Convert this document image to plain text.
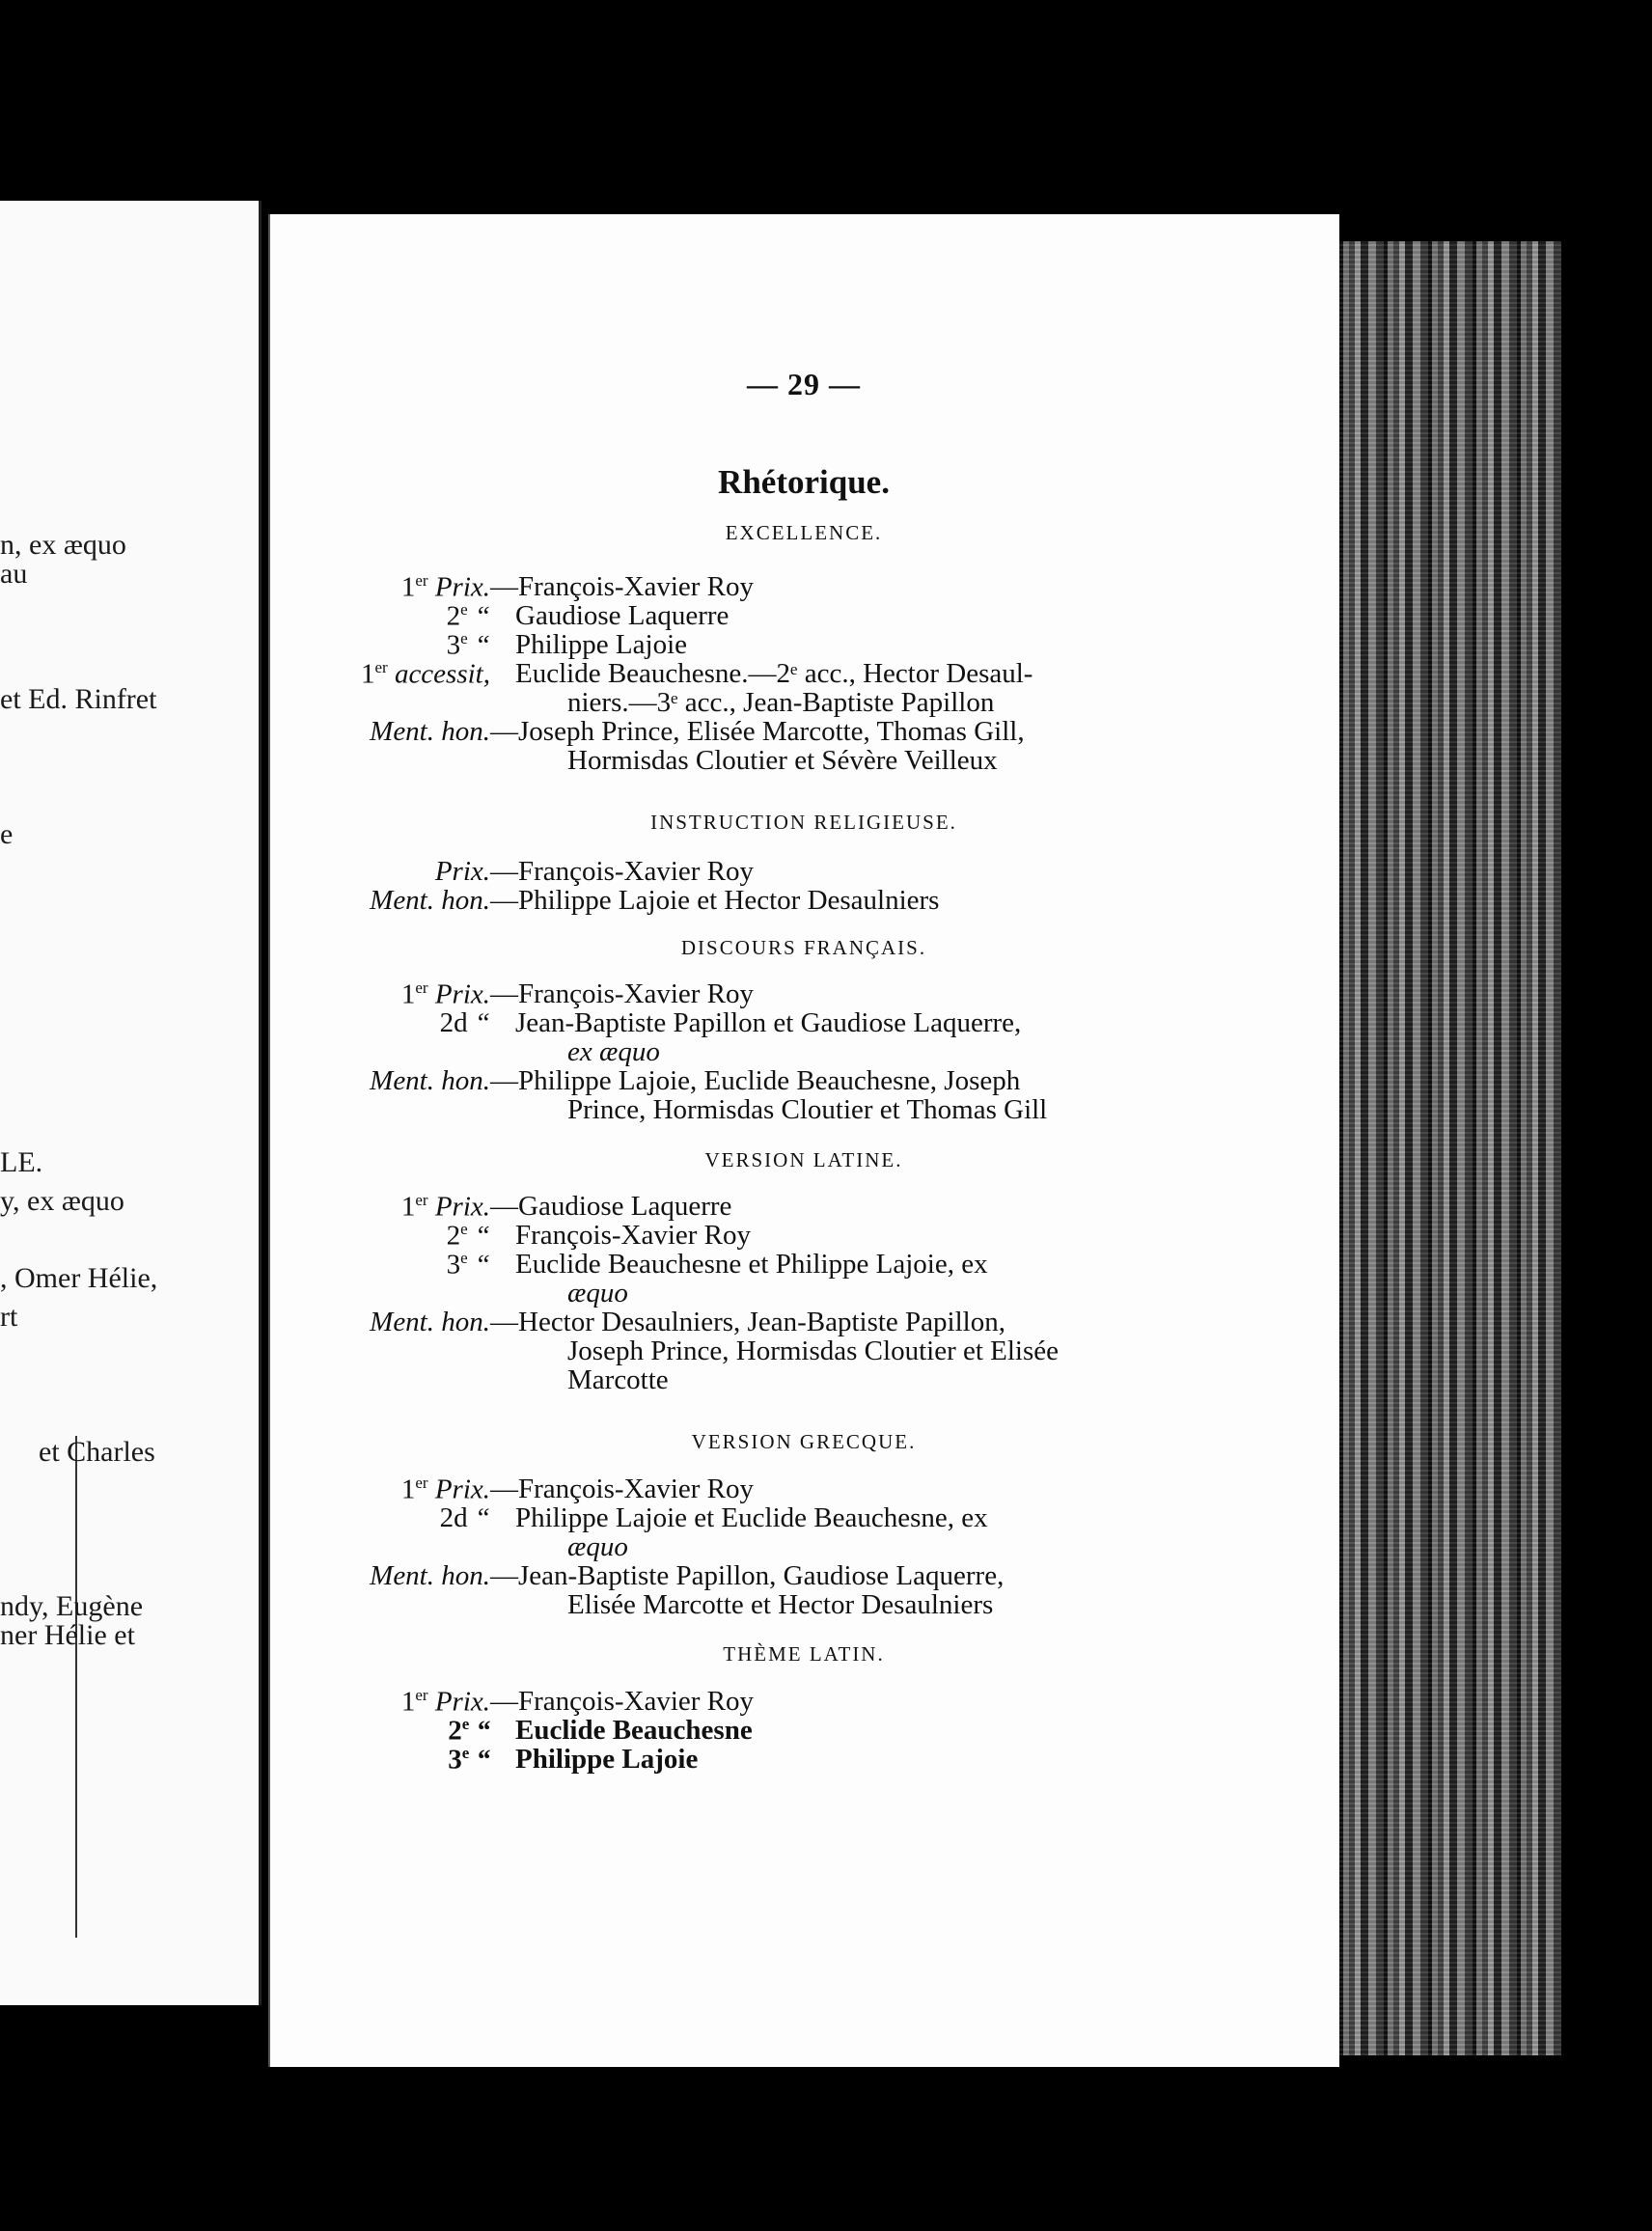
n, ex æquo
au
et Ed. Rinfret
e
LE.
y, ex æquo
, Omer Hélie,
rt
et Charles
ndy, Eugène
ner Hélie et
— 29 —
Rhétorique.
EXCELLENCE.
1er Prix. —François-Xavier Roy
2e “ Gaudiose Laquerre
3e “ Philippe Lajoie
1er accessit, Euclide Beauchesne.—2ᵉ acc., Hector Desaul-
niers.—3ᵉ acc., Jean-Baptiste Papillon
Ment. hon. —Joseph Prince, Elisée Marcotte, Thomas Gill,
Hormisdas Cloutier et Sévère Veilleux
INSTRUCTION RELIGIEUSE.
Prix. —François-Xavier Roy
Ment. hon. —Philippe Lajoie et Hector Desaulniers
DISCOURS FRANÇAIS.
1er Prix. —François-Xavier Roy
2d “ Jean-Baptiste Papillon et Gaudiose Laquerre,
ex æquo
Ment. hon. —Philippe Lajoie, Euclide Beauchesne, Joseph
Prince, Hormisdas Cloutier et Thomas Gill
VERSION LATINE.
1er Prix. —Gaudiose Laquerre
2e “ François-Xavier Roy
3e “ Euclide Beauchesne et Philippe Lajoie, ex
æquo
Ment. hon. —Hector Desaulniers, Jean-Baptiste Papillon,
Joseph Prince, Hormisdas Cloutier et Elisée
Marcotte
VERSION GRECQUE.
1er Prix. —François-Xavier Roy
2d “ Philippe Lajoie et Euclide Beauchesne, ex
æquo
Ment. hon. —Jean-Baptiste Papillon, Gaudiose Laquerre,
Elisée Marcotte et Hector Desaulniers
THÈME LATIN.
1er Prix. —François-Xavier Roy
2e “ Euclide Beauchesne
3e “ Philippe Lajoie
